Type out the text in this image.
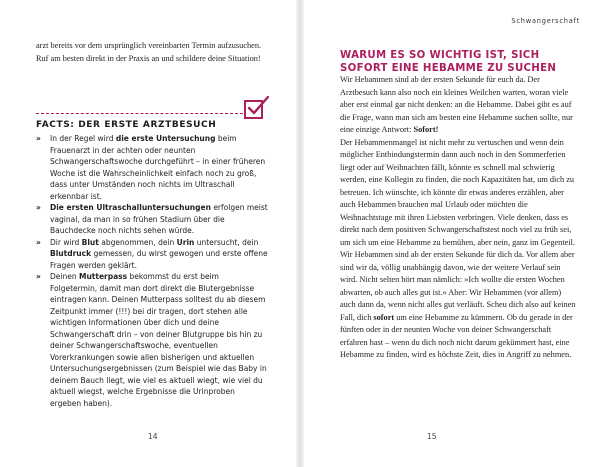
arzt bereits vor dem ursprünglich vereinbarten Termin aufzusuchen. Ruf am besten direkt in der Praxis an und schildere deine Situation!

FACTS: DER ERSTE ARZTBESUCH
» In der Regel wird die erste Untersuchung beim Frauenarzt in der achten oder neunten Schwangerschaftswoche durchgeführt – in einer früheren Woche ist die Wahrscheinlichkeit einfach noch zu groß, dass unter Umständen noch nichts im Ultraschall erkennbar ist.
» Die ersten Ultraschalluntersuchungen erfolgen meist vaginal, da man in so frühen Stadium über die Bauchdecke noch nichts sehen würde.
» Dir wird Blut abgenommen, dein Urin untersucht, dein Blutdruck gemessen, du wirst gewogen und erste offene Fragen werden geklärt.
» Deinen Mutterpass bekommst du erst beim Folgetermin, damit man dort direkt die Blutergebnisse eintragen kann. Deinen Mutterpass solltest du ab diesem Zeitpunkt immer (!!!) bei dir tragen, dort stehen alle wichtigen Informationen über dich und deine Schwangerschaft drin – von deiner Blutgruppe bis hin zu deiner Schwangerschaftswoche, eventuellen Vorerkrankungen sowie allen bisherigen und aktuellen Untersuchungsergebnissen (zum Beispiel wie das Baby in deinem Bauch liegt, wie viel es aktuell wiegt, wie viel du aktuell wiegst, welche Ergebnisse die Urinproben ergeben haben).
14
Schwangerschaft
WARUM ES SO WICHTIG IST, SICH SOFORT EINE HEBAMME ZU SUCHEN

Wir Hebammen sind ab der ersten Sekunde für euch da. Der Arztbesuch kann also noch ein kleines Weilchen warten, woran viele aber erst einmal gar nicht denken: an die Hebamme. Dabei gibt es auf die Frage, wann man sich am besten eine Hebamme suchen sollte, nur eine einzige Antwort: Sofort!

Der Hebammenmangel ist nicht mehr zu vertuschen und wenn dein möglicher Entbindungstermin dann auch noch in den Sommerferien liegt oder auf Weihnachten fällt, könnte es schnell mal schwierig werden, eine Kollegin zu finden, die noch Kapazitäten hat, um dich zu betreuen. Ich wünschte, ich könnte dir etwas anderes erzählen, aber auch Hebammen brauchen mal Urlaub oder möchten die Weihnachtstage mit ihren Liebsten verbringen. Viele denken, dass es direkt nach dem positiven Schwangerschaftstest noch viel zu früh sei, um sich um eine Hebamme zu bemühen, aber nein, ganz im Gegenteil.

Wir Hebammen sind ab der ersten Sekunde für dich da. Vor allem aber sind wir da, völlig unabhängig davon, wie der weitere Verlauf sein wird. Nicht selten hört man nämlich: »Ich wollte die ersten Wochen abwarten, ob auch alles gut ist.« Aber: Wir Hebammen (vor allem) auch dann da, wenn nicht alles gut verläuft. Scheu dich also auf keinen Fall, dich sofort um eine Hebamme zu kümmern. Ob du gerade in der fünften oder in der neunten Woche von deiner Schwangerschaft erfahren hast – wenn du dich noch nicht darum gekümmert hast, eine Hebamme zu finden, wird es höchste Zeit, dies in Angriff zu nehmen.

15
